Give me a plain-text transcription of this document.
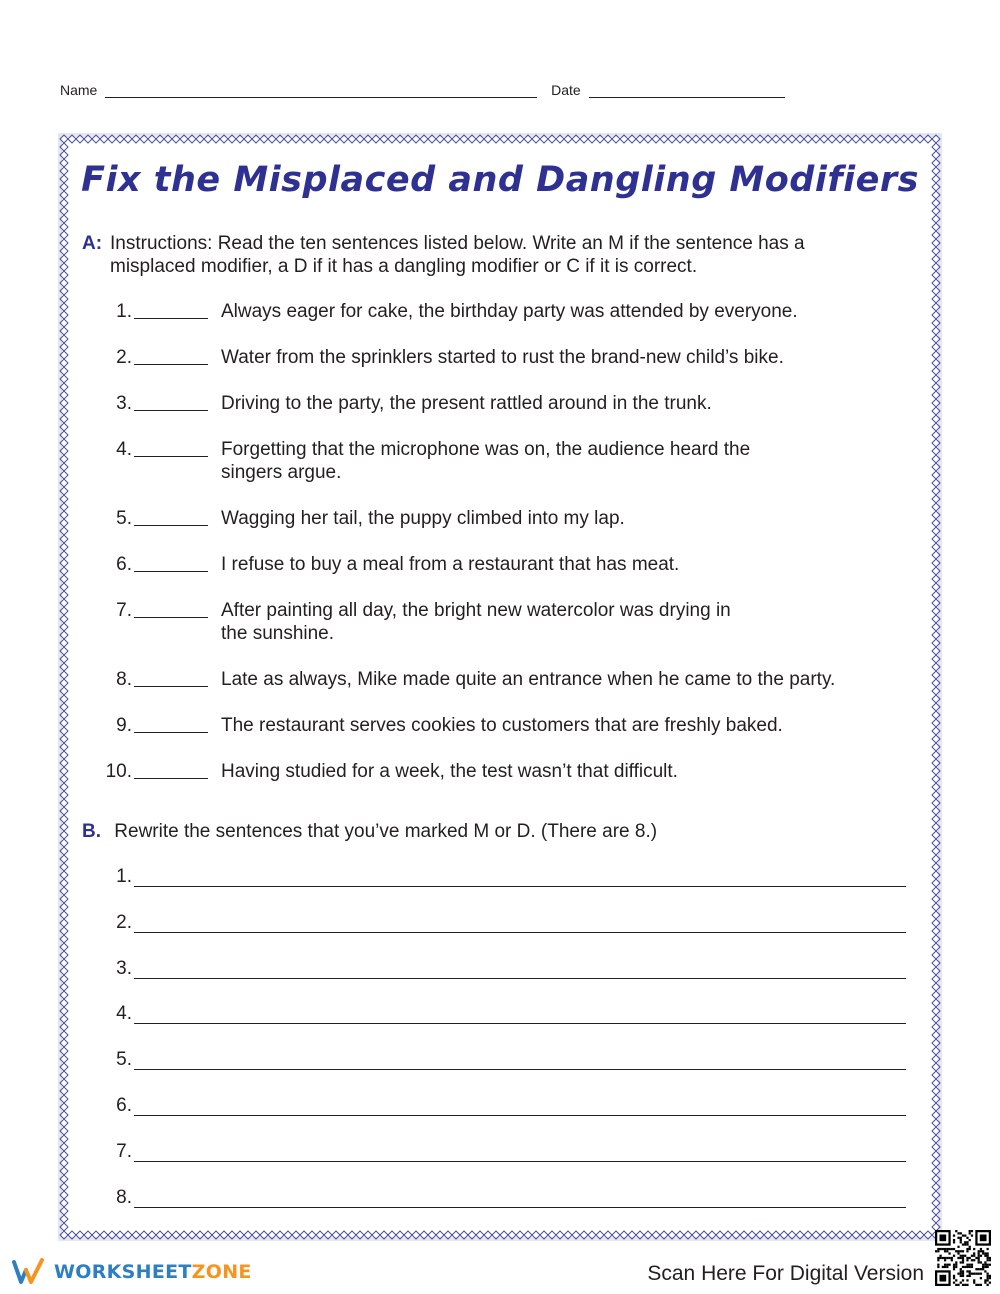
Name	Date
Fix the Misplaced and Dangling Modifiers
A: Instructions: Read the ten sentences listed below. Write an M if the sentence has a
misplaced modifier, a D if it has a dangling modifier or C if it is correct.
1.	Always eager for cake, the birthday party was attended by everyone.
2.	Water from the sprinklers started to rust the brand-new child’s bike.
3.	Driving to the party, the present rattled around in the trunk.
4.	Forgetting that the microphone was on, the audience heard the
singers argue.
5.	Wagging her tail, the puppy climbed into my lap.
6.	I refuse to buy a meal from a restaurant that has meat.
7.	After painting all day, the bright new watercolor was drying in
the sunshine.
8.	Late as always, Mike made quite an entrance when he came to the party.
9.	The restaurant serves cookies to customers that are freshly baked.
10.	Having studied for a week, the test wasn’t that difficult.
B. Rewrite the sentences that you’ve marked M or D. (There are 8.)
1.
2.
3.
4.
5.
6.
7.
8.
WORKSHEETZONE	Scan Here For Digital Version
